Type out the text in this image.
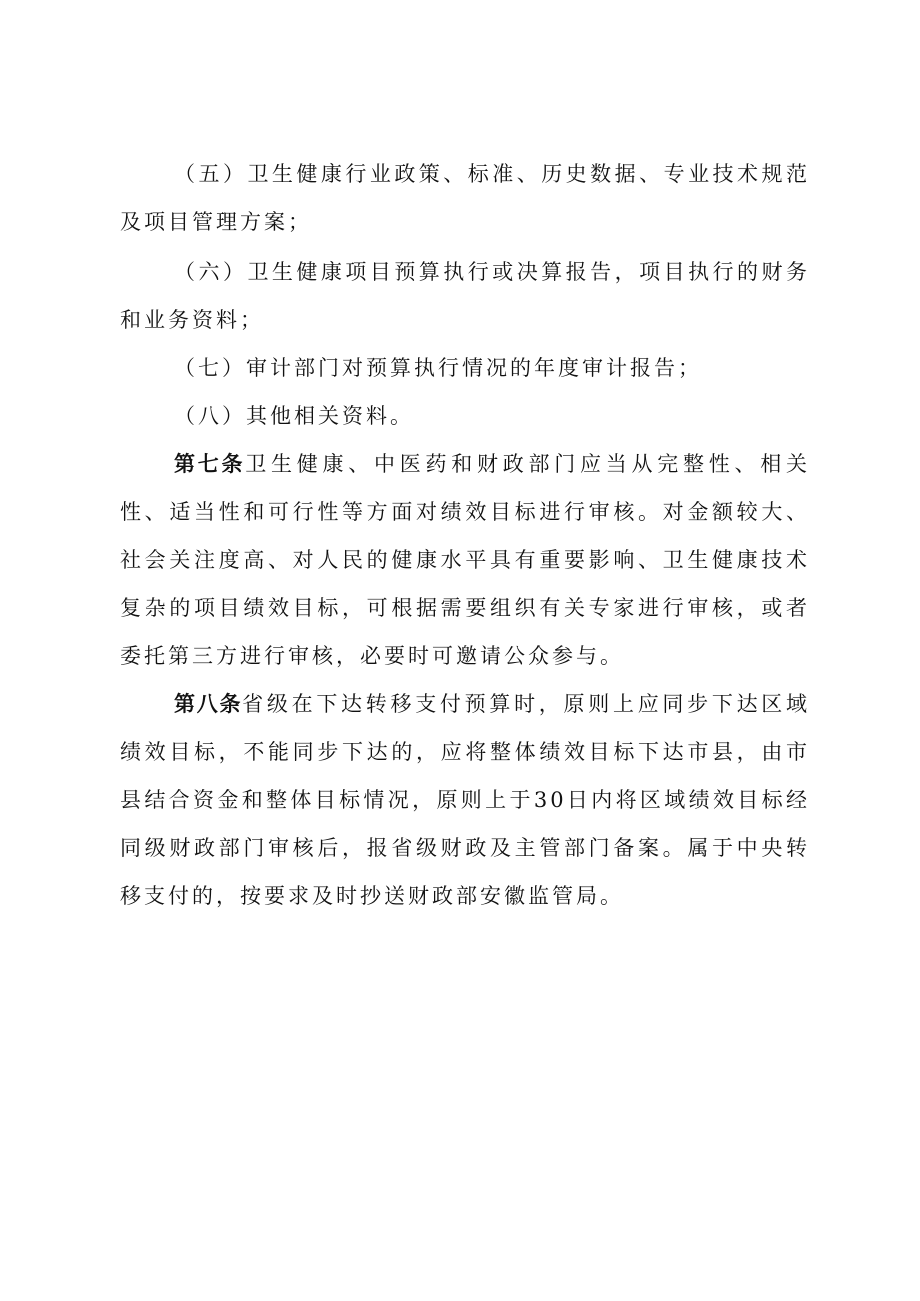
（五）卫生健康行业政策、标准、历史数据、专业技术规范及项目管理方案；

（六）卫生健康项目预算执行或决算报告，项目执行的财务和业务资料；

（七）审计部门对预算执行情况的年度审计报告；

（八）其他相关资料。

第七条卫生健康、中医药和财政部门应当从完整性、相关性、适当性和可行性等方面对绩效目标进行审核。对金额较大、社会关注度高、对人民的健康水平具有重要影响、卫生健康技术复杂的项目绩效目标，可根据需要组织有关专家进行审核，或者委托第三方进行审核，必要时可邀请公众参与。

第八条省级在下达转移支付预算时，原则上应同步下达区域绩效目标，不能同步下达的，应将整体绩效目标下达市县，由市县结合资金和整体目标情况，原则上于30日内将区域绩效目标经同级财政部门审核后，报省级财政及主管部门备案。属于中央转移支付的，按要求及时抄送财政部安徽监管局。
